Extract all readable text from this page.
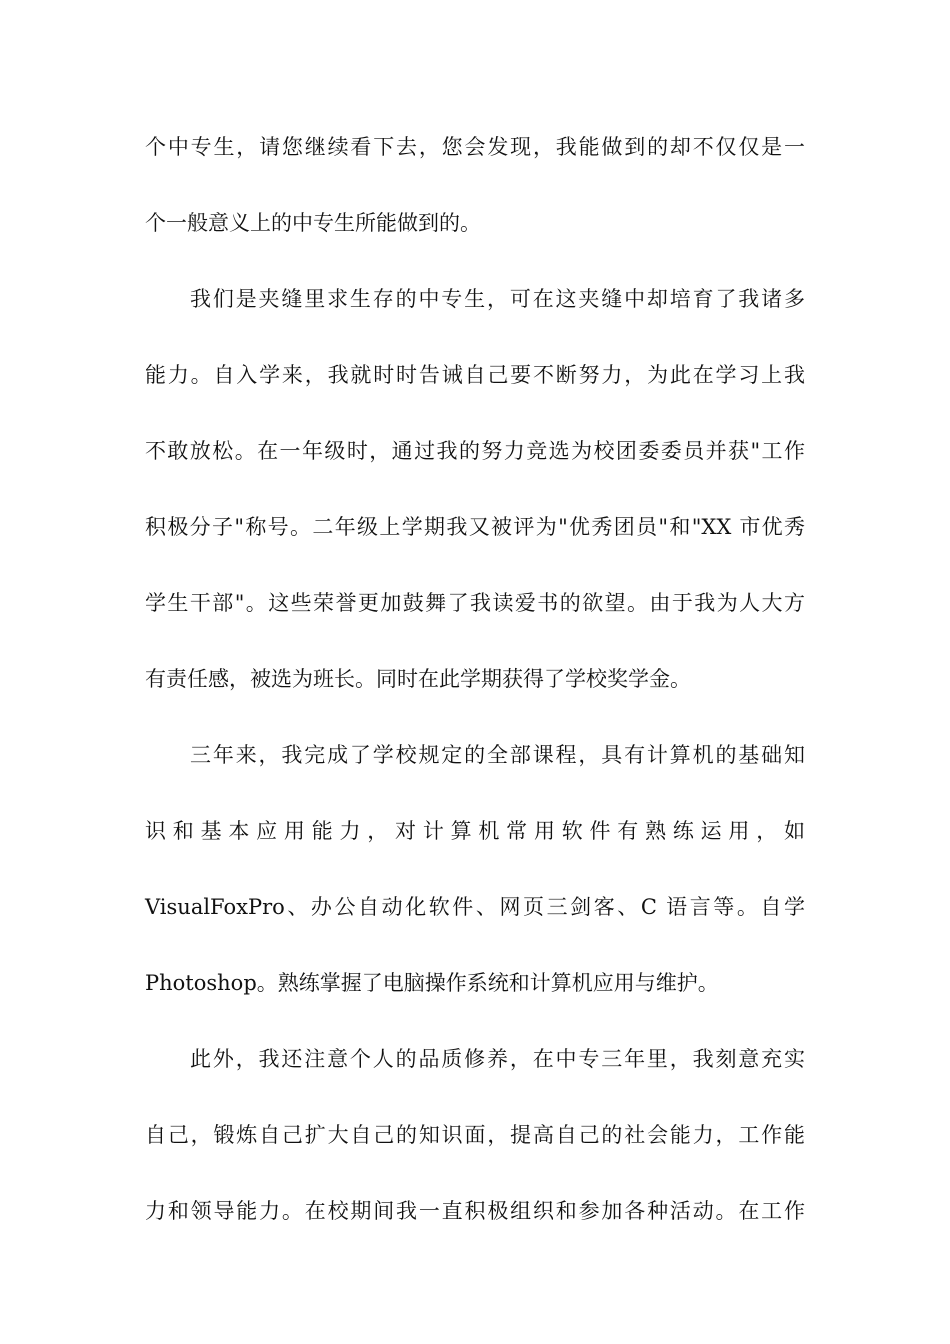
个中专生，请您继续看下去，您会发现，我能做到的却不仅仅是一
个一般意义上的中专生所能做到的。
我们是夹缝里求生存的中专生，可在这夹缝中却培育了我诸多
能力。自入学来，我就时时告诫自己要不断努力，为此在学习上我
不敢放松。在一年级时，通过我的努力竞选为校团委委员并获"工作
积极分子"称号。二年级上学期我又被评为"优秀团员"和"XX 市优秀
学生干部"。这些荣誉更加鼓舞了我读爱书的欲望。由于我为人大方
有责任感，被选为班长。同时在此学期获得了学校奖学金。
三年来，我完成了学校规定的全部课程，具有计算机的基础知
识和基本应用能力，对计算机常用软件有熟练运用，如
VisualFoxPro、办公自动化软件、网页三剑客、C 语言等。自学
Photoshop。熟练掌握了电脑操作系统和计算机应用与维护。
此外，我还注意个人的品质修养，在中专三年里，我刻意充实
自己，锻炼自己扩大自己的知识面，提高自己的社会能力，工作能
力和领导能力。在校期间我一直积极组织和参加各种活动。在工作
